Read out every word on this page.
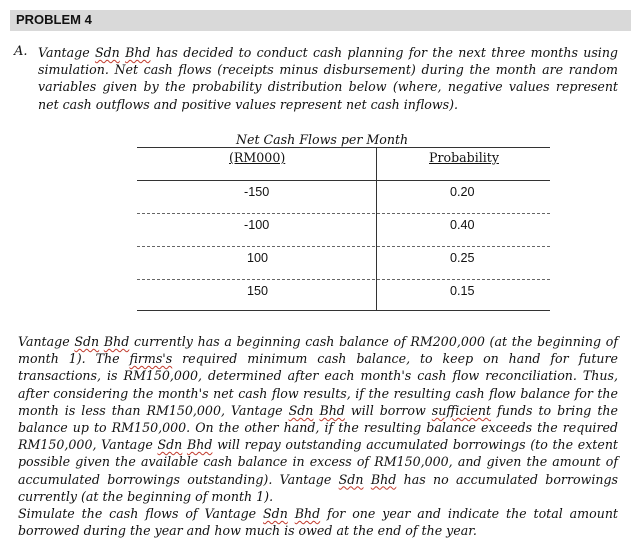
PROBLEM 4
A. Vantage Sdn Bhd has decided to conduct cash planning for the next three months using simulation. Net cash flows (receipts minus disbursement) during the month are random variables given by the probability distribution below (where, negative values represent net cash outflows and positive values represent net cash inflows).

Net Cash Flows per Month
(RM000)	Probability
-150	0.20
-100	0.40
100	0.25
150	0.15

Vantage Sdn Bhd currently has a beginning cash balance of RM200,000 (at the beginning of month 1). The firms's required minimum cash balance, to keep on hand for future transactions, is RM150,000, determined after each month's cash flow reconciliation. Thus, after considering the month's net cash flow results, if the resulting cash flow balance for the month is less than RM150,000, Vantage Sdn Bhd will borrow sufficient funds to bring the balance up to RM150,000. On the other hand, if the resulting balance exceeds the required RM150,000, Vantage Sdn Bhd will repay outstanding accumulated borrowings (to the extent possible given the available cash balance in excess of RM150,000, and given the amount of accumulated borrowings outstanding). Vantage Sdn Bhd has no accumulated borrowings currently (at the beginning of month 1).

Simulate the cash flows of Vantage Sdn Bhd for one year and indicate the total amount borrowed during the year and how much is owed at the end of the year.
